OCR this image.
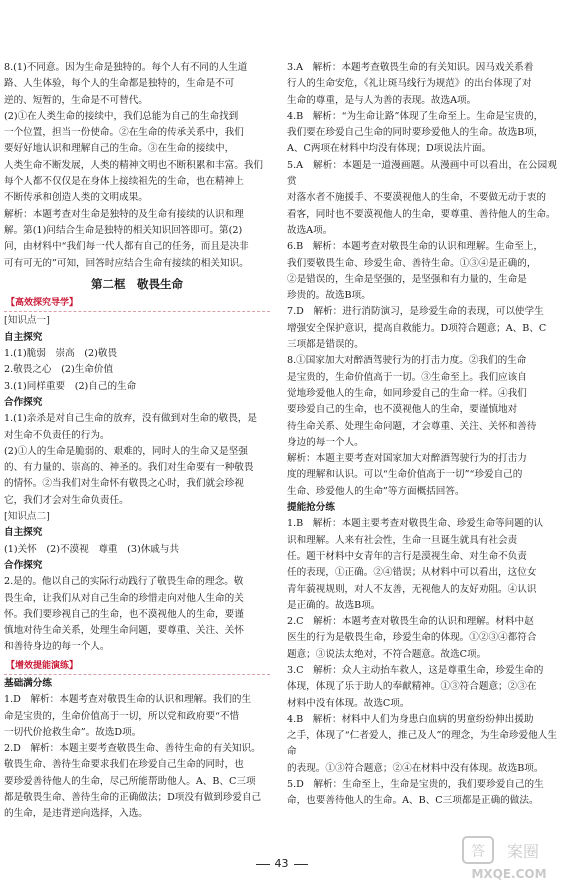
8.(1)不同意。因为生命是独特的。每个人有不同的人生道

路、人生体验，每个人的生命都是独特的，生命是不可

逆的、短暂的，生命是不可替代。

(2)①在人类生命的接续中，我们总能为自己的生命找到

一个位置，担当一份使命。②在生命的传承关系中，我们

要好好地认识和理解自己的生命。③在生命的接续中，

人类生命不断发展，人类的精神文明也不断积累和丰富。我们

每个人都不仅仅是在身体上接续祖先的生命，也在精神上

不断传承和创造人类的文明成果。

解析：本题考查对生命是独特的及生命有接续的认识和理

解。第(1)问结合生命是独特的相关知识回答即可。第(2)

问，由材料中“我们每一代人都有自己的任务，而且是决非

可有可无的”可知，回答时应结合生命有接续的相关知识。

第二框　敬畏生命
【 高效探究导学 】

[知识点一]

自主探究

1.(1)脆弱　崇高　(2)敬畏

2.敬畏之心　(2)生命价值

3.(1)同样重要　(2)自己的生命

合作探究

1.(1)亲杀是对自己生命的放弃，没有做到对生命的敬畏，是

对生命不负责任的行为。

(2)①人的生命是脆弱的、艰难的，同时人的生命又是坚强

的、有力量的、崇高的、神圣的。我们对生命要有一种敬畏

的情怀。②当我们对生命怀有敬畏之心时，我们就会珍视

它，我们才会对生命负责任。

[知识点二]

自主探究

(1)关怀　(2)不漠视　尊重　(3)休戚与共

合作探究

2.是的。他以自己的实际行动践行了敬畏生命的理念。敬

畏生命，让我们从对自己生命的珍惜走向对他人生命的关

怀。我们要珍视自己的生命，也不漠视他人的生命，要谨

慎地对待生命关系，处理生命问题，要尊重、关注、关怀

和善待身边的每一个人。

【 增效提能演练 】

基础满分练

1.D　解析：本题考查对敬畏生命的认识和理解。我们的生

命是宝贵的，生命价值高于一切，所以党和政府要“不惜

一切代价抢救生命”。故选D项。

2.D　解析：本题主要考查敬畏生命、善待生命的有关知识。

敬畏生命、善待生命要求我们在珍爱自己生命的同时，也

要珍爱善待他人的生命，尽己所能帮助他人。A、B、C三项

都是敬畏生命、善待生命的正确做法；D项没有做到珍爱自己

的生命，是违背逆向选择，入选。

3.A　解析：本题考查敬畏生命的有关知识。因马戏关系着

行人的生命安危，《礼让斑马线行为规范》的出台体现了对

生命的尊重，是与人为善的表现。故选A项。

4.B　解析：“为生命让路”体现了生命至上。生命是宝贵的，

我们要在珍爱自己生命的同时要珍爱他人的生命。故选B项，

A、C两项在材料中均没有体现；D项说法片面。

5.A　解析：本题是一道漫画题。从漫画中可以看出，在公园观赏

对落水者不施援手、不要漠视他人的生命，不要做无动于衷的

看客，同时也不要漠视他人的生命，要尊重、善待他人的生命。

故选A项。

6.B　解析：本题考查对敬畏生命的认识和理解。生命至上，

我们要敬畏生命、珍爱生命、善待生命。①③④是正确的，

②是错误的，生命是坚强的，是坚强和有力量的，生命是

珍贵的。故选B项。

7.D　解析：进行消防演习，是珍爱生命的表现，可以使学生

增强安全保护意识，提高自救能力。D项符合题意；A、B、C

三项都是错误的。

8.①国家加大对醉酒驾驶行为的打击力度。②我们的生命

是宝贵的，生命价值高于一切。③生命至上。我们应该自

觉地珍爱他人的生命，如同珍爱自己的生命一样。④我们

要珍爱自己的生命，也不漠视他人的生命，要谨慎地对

待生命关系、处理生命问题，才会尊重、关注、关怀和善待

身边的每一个人。

解析：本题主要考查对国家加大对醉酒驾驶行为的打击力

度的理解和认识。可以“生命价值高于一切”“珍爱自己的

生命、珍爱他人的生命”等方面概括回答。

提能抢分练

1.B　解析：本题主要考查对敬畏生命、珍爱生命等问题的认

识和理解。人来有社会性，生命一旦诞生就具有社会责

任。题干材料中女青年的言行是漠视生命、对生命不负责

任的表现，①正确。②④错误；从材料中可以看出，这位女

青年藐视规则，对人不友善，无视他人的友好劝阻。④认识

是正确的。故选B项。

2.C　解析：本题考查对敬畏生命的认识和理解。材料中赵

医生的行为是敬畏生命，珍爱生命的体现。①②③④都符合

题意；③说法太绝对，不符合题意。故选C项。

3.C　解析：众人主动抬车救人，这是尊重生命，珍爱生命的

体现，体现了乐于助人的奉献精神。①③符合题意；②③在

材料中没有体现。故选C项。

4.B　解析：材料中人们为身患白血病的男童纷纷伸出援助

之手，体现了“仁者爱人，推己及人”的理念，为生命珍爱他人生命

的表现。①③符合题意；②④在材料中没有体现。故选B项。

5.D　解析：生命至上，生命是宝贵的，我们要珍爱自己的生

命，也要善待他人的生命。A、B、C三项都是正确的做法。

43
答 案圈
MXQE.COM
